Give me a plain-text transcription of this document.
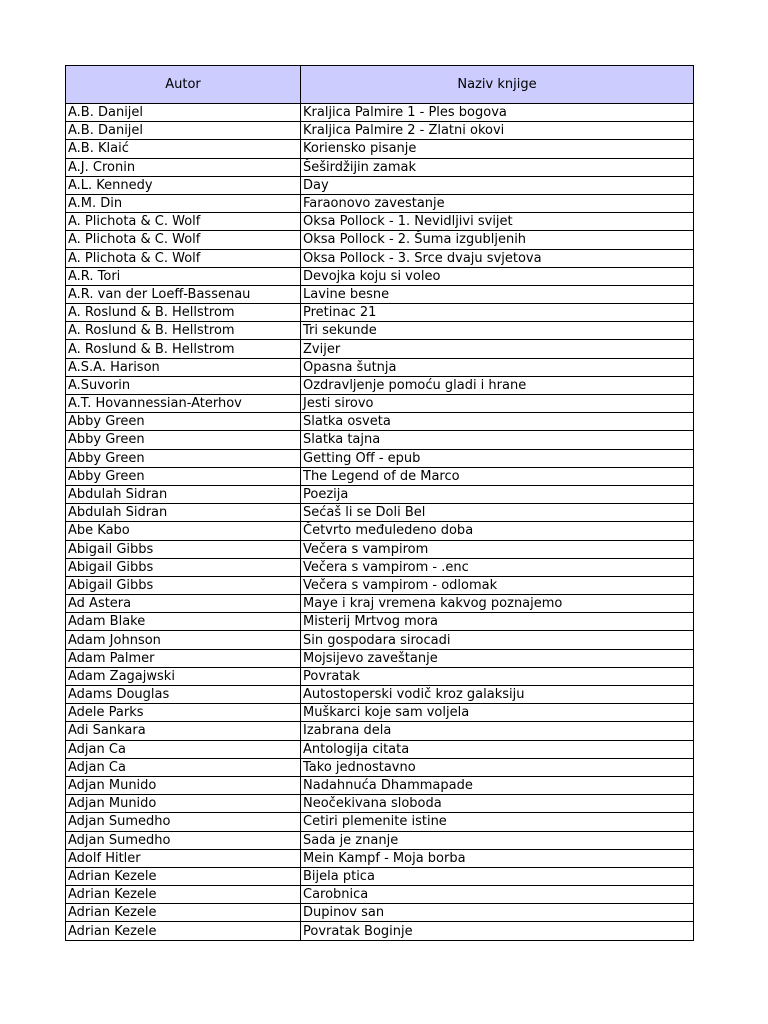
Autor	Naziv knjige
A.B. Danijel	Kraljica Palmire 1 - Ples bogova
A.B. Danijel	Kraljica Palmire 2 - Zlatni okovi
A.B. Klaić	Koriensko pisanje
A.J. Cronin	Šeširdžijin zamak
A.L. Kennedy	Day
A.M. Din	Faraonovo zavestanje
A. Plichota & C. Wolf	Oksa Pollock - 1. Nevidljivi svijet
A. Plichota & C. Wolf	Oksa Pollock - 2. Šuma izgubljenih
A. Plichota & C. Wolf	Oksa Pollock - 3. Srce dvaju svjetova
A.R. Tori	Devojka koju si voleo
A.R. van der Loeff-Bassenau	Lavine besne
A. Roslund & B. Hellstrom	Pretinac 21
A. Roslund & B. Hellstrom	Tri sekunde
A. Roslund & B. Hellstrom	Zvijer
A.S.A. Harison	Opasna šutnja
A.Suvorin	Ozdravljenje pomoću gladi i hrane
A.T. Hovannessian-Aterhov	Jesti sirovo
Abby Green	Slatka osveta
Abby Green	Slatka tajna
Abby Green	Getting Off - epub
Abby Green	The Legend of de Marco
Abdulah Sidran	Poezija
Abdulah Sidran	Sećaš li se Doli Bel
Abe Kabo	Četvrto međuledeno doba
Abigail Gibbs	Večera s vampirom
Abigail Gibbs	Večera s vampirom - .enc
Abigail Gibbs	Večera s vampirom - odlomak
Ad Astera	Maye i kraj vremena kakvog poznajemo
Adam Blake	Misterij Mrtvog mora
Adam Johnson	Sin gospodara sirocadi
Adam Palmer	Mojsijevo zaveštanje
Adam Zagajwski	Povratak
Adams Douglas	Autostoperski vodič kroz galaksiju
Adele Parks	Muškarci koje sam voljela
Adi Sankara	Izabrana dela
Adjan Ca	Antologija citata
Adjan Ca	Tako jednostavno
Adjan Munido	Nadahnuća Dhammapade
Adjan Munido	Neočekivana sloboda
Adjan Sumedho	Cetiri plemenite istine
Adjan Sumedho	Sada je znanje
Adolf Hitler	Mein Kampf - Moja borba
Adrian Kezele	Bijela ptica
Adrian Kezele	Carobnica
Adrian Kezele	Dupinov san
Adrian Kezele	Povratak Boginje
